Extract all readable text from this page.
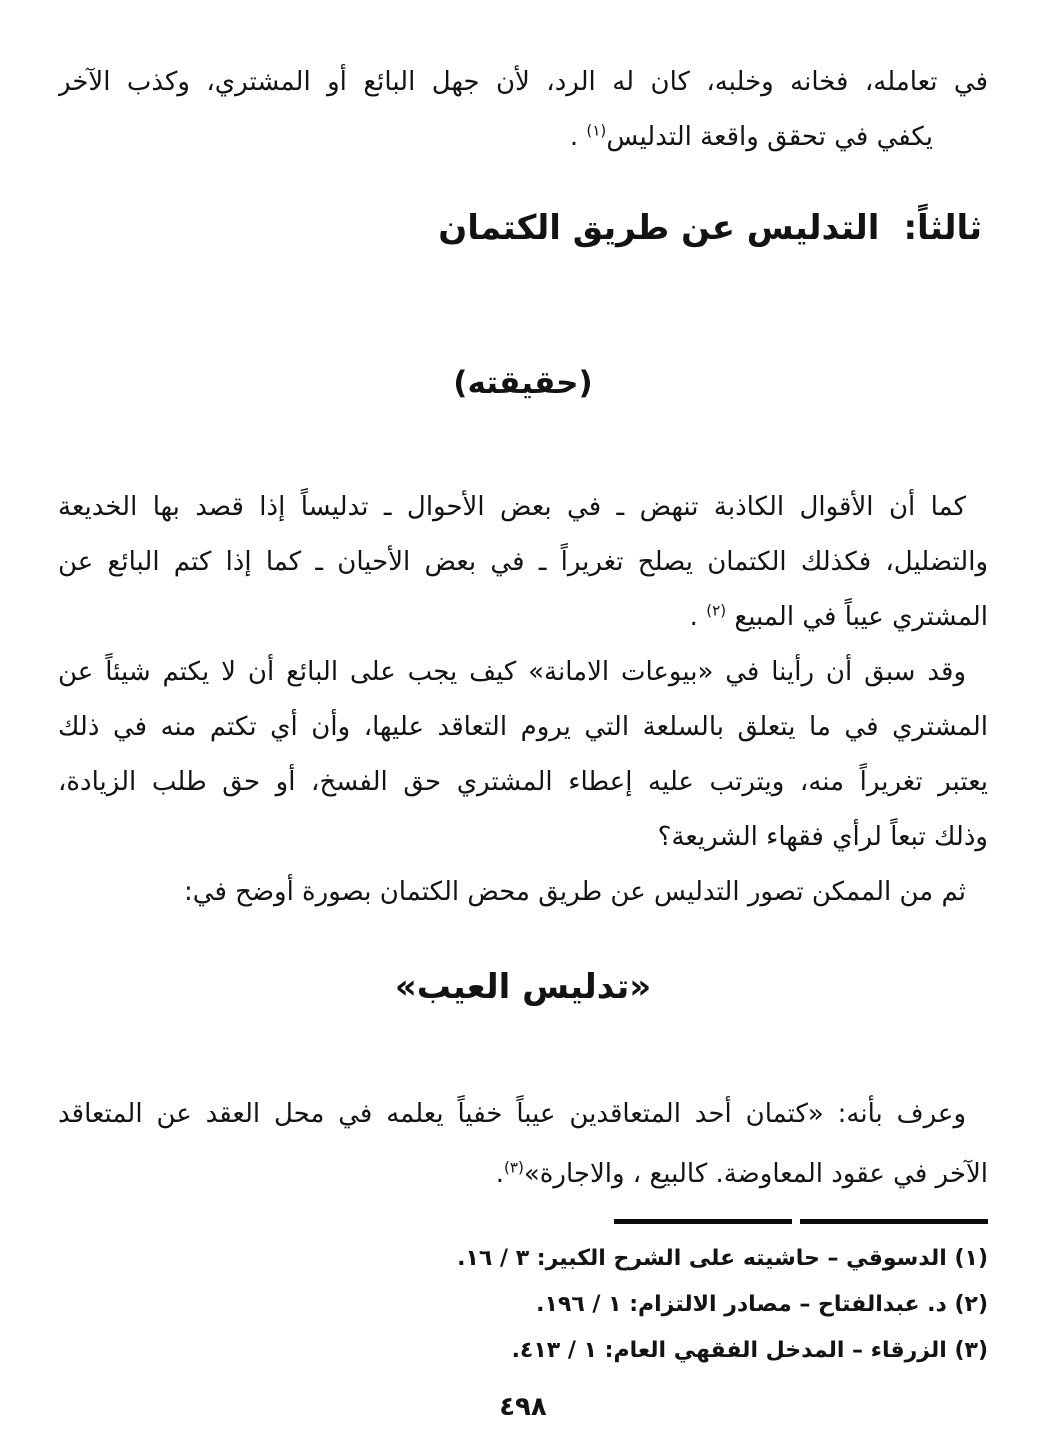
في تعامله، فخانه وخلبه، كان له الرد، لأن جهل البائع أو المشتري، وكذب الآخر
يكفي في تحقق واقعة التدليس$^{(١)}$ .
ثالثاً:التدليس عن طريق الكتمان
(حقيقته)
كما أن الأقوال الكاذبة تنهض ـ في بعض الأحوال ـ تدليساً إذا قصد بها الخديعة
والتضليل، فكذلك الكتمان يصلح تغريراً ـ في بعض الأحيان ـ كما إذا كتم البائع عن
المشتري عيباً في المبيع $^{(٢)}$ .
وقد سبق أن رأينا في «بيوعات الامانة» كيف يجب على البائع أن لا يكتم شيئاً عن
المشتري في ما يتعلق بالسلعة التي يروم التعاقد عليها، وأن أي تكتم منه في ذلك
يعتبر تغريراً منه، ويترتب عليه إعطاء المشتري حق الفسخ، أو حق طلب الزيادة،
وذلك تبعاً لرأي فقهاء الشريعة؟
ثم من الممكن تصور التدليس عن طريق محض الكتمان بصورة أوضح في:
«تدليس العيب»
وعرف بأنه: «كتمان أحد المتعاقدين عيباً خفياً يعلمه في محل العقد عن المتعاقد
الآخر في عقود المعاوضة. كالبيع ، والاجارة»$^{(٣)}$.
(١) الدسوقي – حاشيته على الشرح الكبير: ٣ / ١٦.
(٢) د. عبدالفتاح – مصادر الالتزام: ١ / ١٩٦.
(٣) الزرقاء – المدخل الفقهي العام: ١ / ٤١٣.
٤٩٨
